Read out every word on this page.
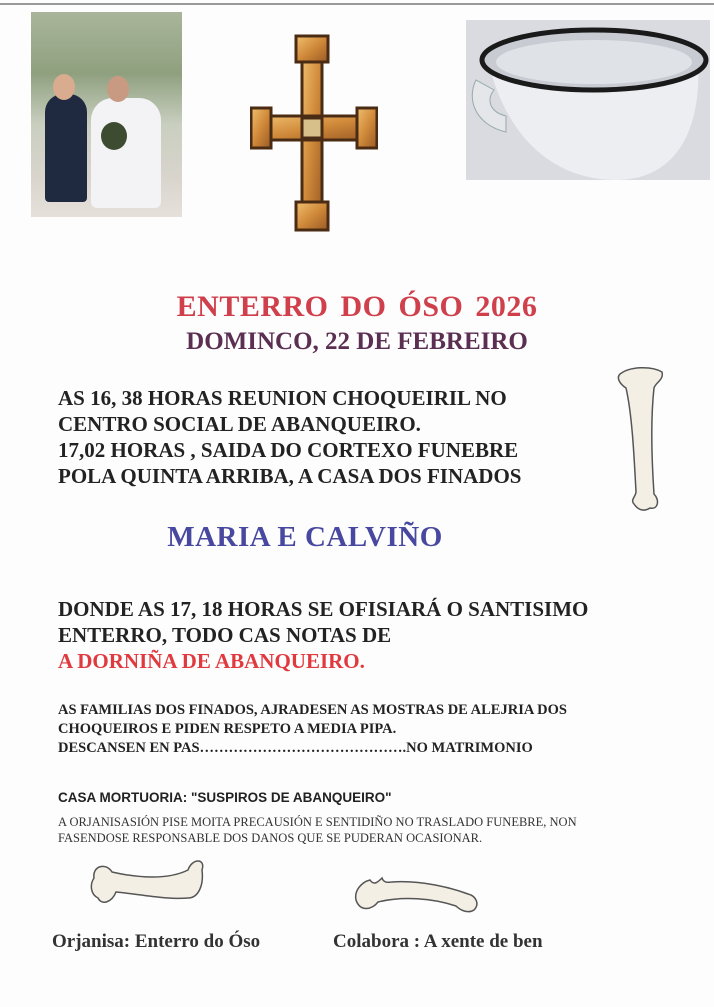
ENTERRO DO ÓSO 2026
DOMINCO, 22 DE FEBREIRO
AS 16, 38 HORAS REUNION CHOQUEIRIL NO
CENTRO SOCIAL DE ABANQUEIRO.
17,02 HORAS , SAIDA DO CORTEXO FUNEBRE
POLA QUINTA ARRIBA, A CASA DOS FINADOS
MARIA E CALVIÑO
DONDE AS 17, 18 HORAS SE OFISIARÁ O SANTISIMO
ENTERRO, TODO CAS NOTAS DE
A DORNIÑA DE ABANQUEIRO.
AS FAMILIAS DOS FINADOS, AJRADESEN AS MOSTRAS DE ALEJRIA DOS
CHOQUEIROS E PIDEN RESPETO A MEDIA PIPA.
DESCANSEN EN PAS…………………………………….NO MATRIMONIO
CASA MORTUORIA: "SUSPIROS DE ABANQUEIRO"
A ORJANISASIÓN PISE MOITA PRECAUSIÓN E SENTIDIÑO NO TRASLADO FUNEBRE, NON
FASENDOSE RESPONSABLE DOS DANOS QUE SE PUDERAN OCASIONAR.
Orjanisa: Enterro do Óso	Colabora : A xente de ben
